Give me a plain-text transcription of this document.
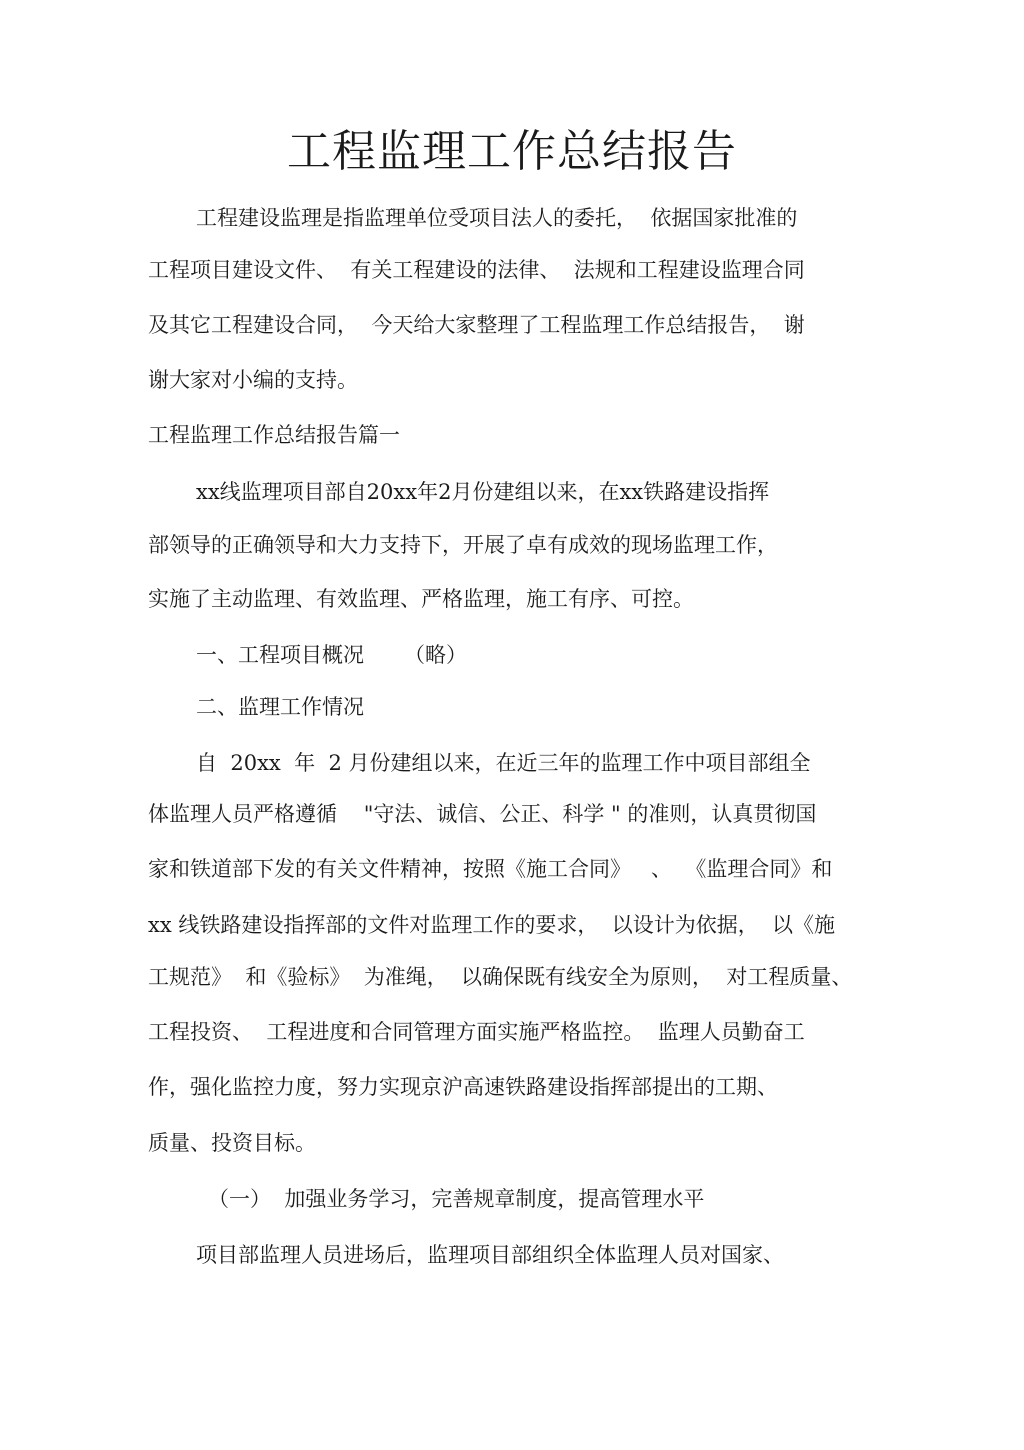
工程监理工作总结报告
工程建设监理是指监理单位受项目法人的委托，  依据国家批准的
工程项目建设文件、  有关工程建设的法律、  法规和工程建设监理合同
及其它工程建设合同，  今天给大家整理了工程监理工作总结报告，  谢
谢大家对小编的支持。
工程监理工作总结报告篇一
xx线监理项目部自20xx年2月份建组以来，在xx铁路建设指挥
部领导的正确领导和大力支持下，开展了卓有成效的现场监理工作，
实施了主动监理、有效监理、严格监理，施工有序、可控。
一、工程项目概况      （略）
二、监理工作情况
自  20xx  年  2 月份建组以来，在近三年的监理工作中项目部组全
体监理人员严格遵循    "守法、诚信、公正、科学 " 的准则，认真贯彻国
家和铁道部下发的有关文件精神，按照《施工合同》   、  《监理合同》和
xx 线铁路建设指挥部的文件对监理工作的要求，  以设计为依据，  以《施
工规范》  和《验标》  为准绳，  以确保既有线安全为原则，  对工程质量、
工程投资、  工程进度和合同管理方面实施严格监控。  监理人员勤奋工
作，强化监控力度，努力实现京沪高速铁路建设指挥部提出的工期、
质量、投资目标。
（一）  加强业务学习，完善规章制度，提高管理水平
项目部监理人员进场后，监理项目部组织全体监理人员对国家、
